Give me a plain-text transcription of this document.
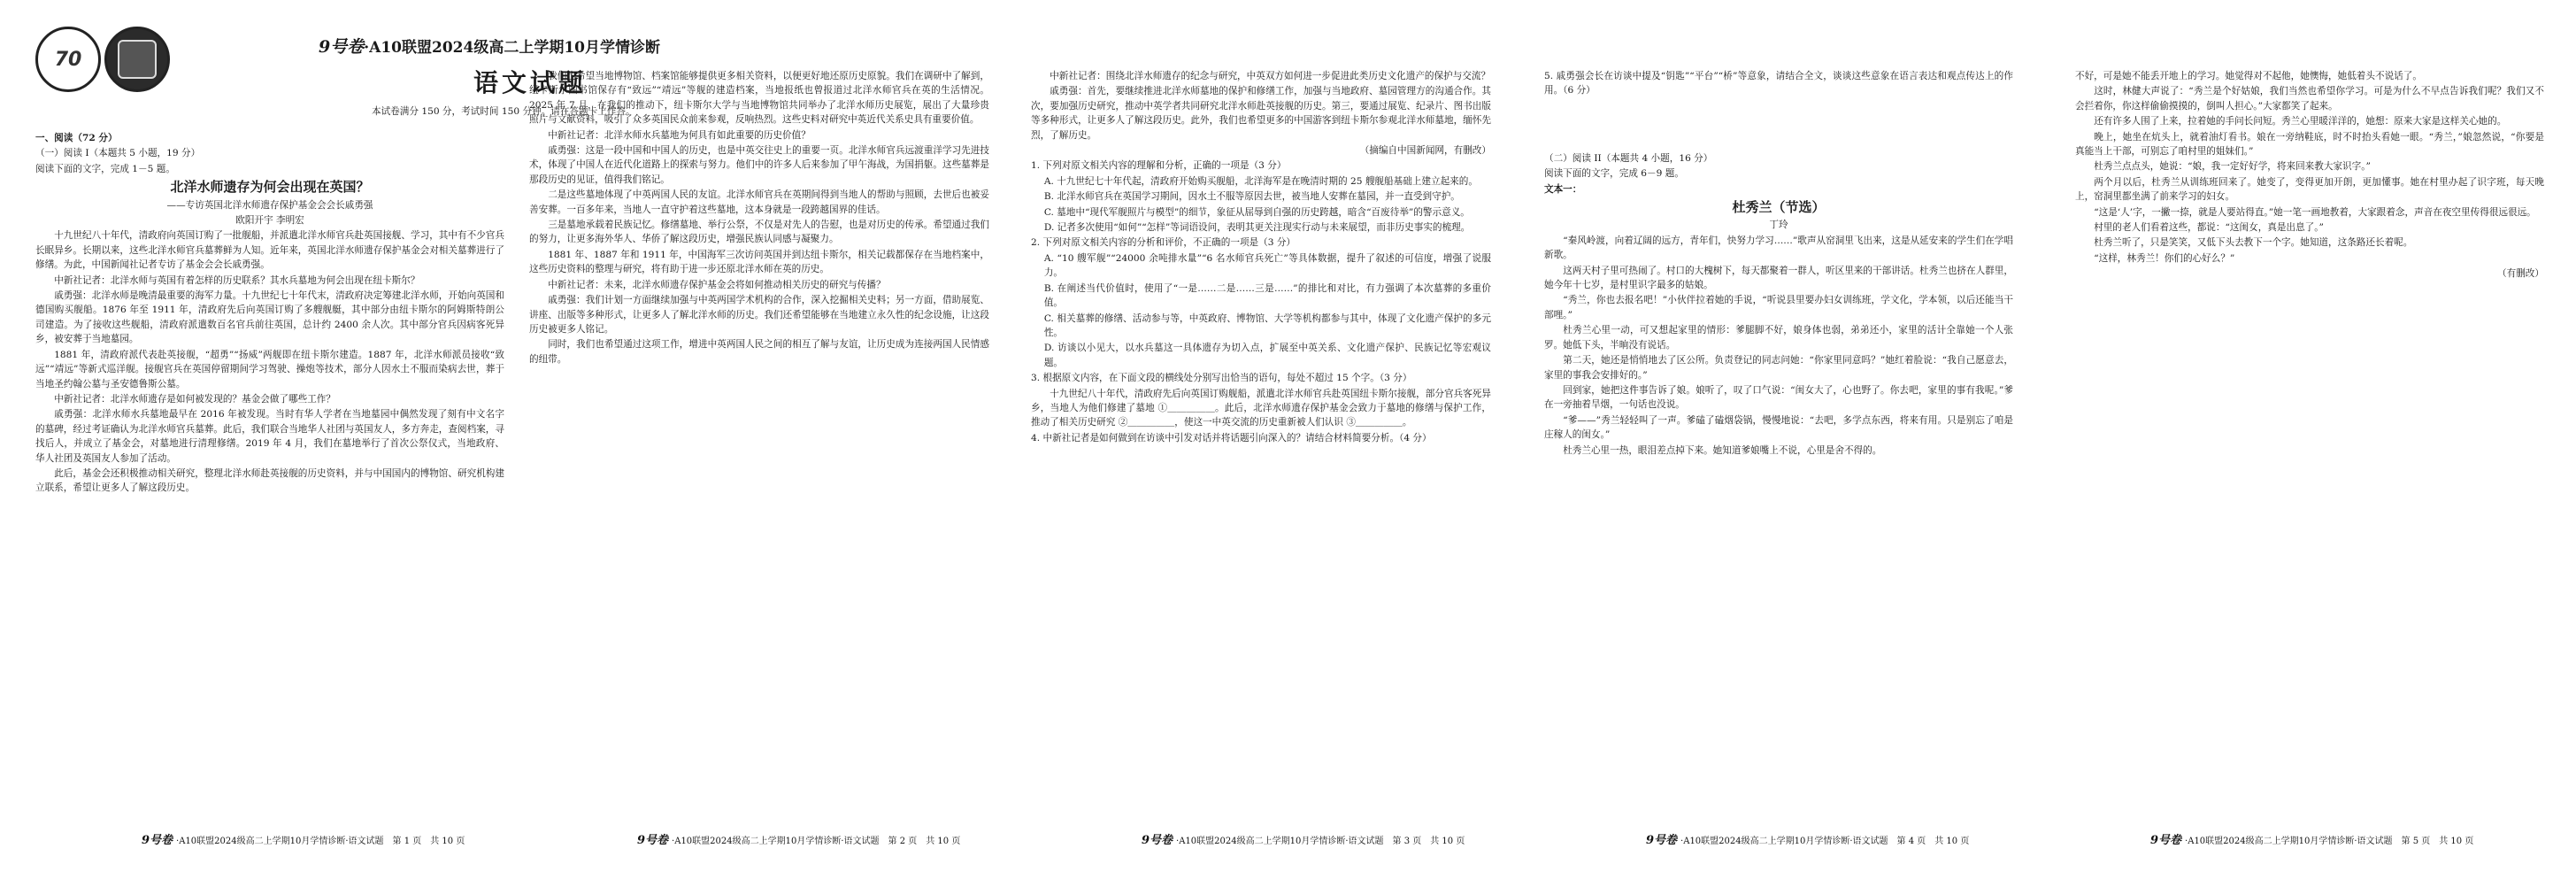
70
9号卷·A10联盟2024级高二上学期10月学情诊断
语文试题
本试卷满分 150 分，考试时间 150 分钟。请在答题卡上作答。

一、阅读（72 分）

（一）阅读 I（本题共 5 小题，19 分）

阅读下面的文字，完成 1－5 题。

北洋水师遗存为何会出现在英国？

——专访英国北洋水师遗存保护基金会会长戚勇强

欧阳开宇 李明宏

十九世纪八十年代，清政府向英国订购了一批舰船，并派遣北洋水师官兵赴英国接舰、学习，其中有不少官兵长眠异乡。长期以来，这些北洋水师官兵墓葬鲜为人知。近年来，英国北洋水师遗存保护基金会对相关墓葬进行了修缮。为此，中国新闻社记者专访了基金会会长戚勇强。

中新社记者：北洋水师与英国有着怎样的历史联系？其水兵墓地为何会出现在纽卡斯尔？

戚勇强：北洋水师是晚清最重要的海军力量。十九世纪七十年代末，清政府决定筹建北洋水师，开始向英国和德国购买舰船。1876 年至 1911 年，清政府先后向英国订购了多艘舰艇，其中部分由纽卡斯尔的阿姆斯特朗公司建造。为了接收这些舰船，清政府派遣数百名官兵前往英国，总计约 2400 余人次。其中部分官兵因病客死异乡，被安葬于当地墓园。

1881 年，清政府派代表赴英接舰，“超勇”“扬威”两舰即在纽卡斯尔建造。1887 年，北洋水师派员接收“致远”“靖远”等新式巡洋舰。接舰官兵在英国停留期间学习驾驶、操炮等技术，部分人因水土不服而染病去世，葬于当地圣约翰公墓与圣安德鲁斯公墓。

中新社记者：北洋水师遗存是如何被发现的？基金会做了哪些工作？

戚勇强：北洋水师水兵墓地最早在 2016 年被发现。当时有华人学者在当地墓园中偶然发现了刻有中文名字的墓碑，经过考证确认为北洋水师官兵墓葬。此后，我们联合当地华人社团与英国友人，多方奔走，查阅档案，寻找后人，并成立了基金会，对墓地进行清理修缮。2019 年 4 月，我们在墓地举行了首次公祭仪式，当地政府、华人社团及英国友人参加了活动。

此后，基金会还积极推动相关研究，整理北洋水师赴英接舰的历史资料，并与中国国内的博物馆、研究机构建立联系，希望让更多人了解这段历史。

我们也希望当地博物馆、档案馆能够提供更多相关资料，以便更好地还原历史原貌。我们在调研中了解到，纽卡斯尔图书馆保存有“致远”“靖远”等舰的建造档案，当地报纸也曾报道过北洋水师官兵在英的生活情况。2025 年 7 月，在我们的推动下，纽卡斯尔大学与当地博物馆共同举办了北洋水师历史展览，展出了大量珍贵照片与文献资料，吸引了众多英国民众前来参观，反响热烈。这些史料对研究中英近代关系史具有重要价值。

中新社记者：北洋水师水兵墓地为何具有如此重要的历史价值？

戚勇强：这是一段中国和中国人的历史，也是中英交往史上的重要一页。北洋水师官兵远渡重洋学习先进技术，体现了中国人在近代化道路上的探索与努力。他们中的许多人后来参加了甲午海战，为国捐躯。这些墓葬是那段历史的见证，值得我们铭记。

二是这些墓地体现了中英两国人民的友谊。北洋水师官兵在英期间得到当地人的帮助与照顾，去世后也被妥善安葬。一百多年来，当地人一直守护着这些墓地，这本身就是一段跨越国界的佳话。

三是墓地承载着民族记忆。修缮墓地、举行公祭，不仅是对先人的告慰，也是对历史的传承。希望通过我们的努力，让更多海外华人、华侨了解这段历史，增强民族认同感与凝聚力。

1881 年、1887 年和 1911 年，中国海军三次访问英国并到达纽卡斯尔，相关记载都保存在当地档案中，这些历史资料的整理与研究，将有助于进一步还原北洋水师在英的历史。

中新社记者：未来，北洋水师遗存保护基金会将如何推动相关历史的研究与传播？

戚勇强：我们计划一方面继续加强与中英两国学术机构的合作，深入挖掘相关史料；另一方面，借助展览、讲座、出版等多种形式，让更多人了解北洋水师的历史。我们还希望能够在当地建立永久性的纪念设施，让这段历史被更多人铭记。

同时，我们也希望通过这项工作，增进中英两国人民之间的相互了解与友谊，让历史成为连接两国人民情感的纽带。

中新社记者：围绕北洋水师遗存的纪念与研究，中英双方如何进一步促进此类历史文化遗产的保护与交流？

戚勇强：首先，要继续推进北洋水师墓地的保护和修缮工作，加强与当地政府、墓园管理方的沟通合作。其次，要加强历史研究，推动中英学者共同研究北洋水师赴英接舰的历史。第三，要通过展览、纪录片、图书出版等多种形式，让更多人了解这段历史。此外，我们也希望更多的中国游客到纽卡斯尔参观北洋水师墓地，缅怀先烈，了解历史。

（摘编自中国新闻网，有删改）

1. 下列对原文相关内容的理解和分析，正确的一项是（3 分）

A. 十九世纪七十年代起，清政府开始购买舰船，北洋海军是在晚清时期的 25 艘舰船基础上建立起来的。

B. 北洋水师官兵在英国学习期间，因水土不服等原因去世，被当地人安葬在墓园，并一直受到守护。

C. 墓地中“现代军舰照片与模型”的细节，象征从屈辱到自强的历史跨越，暗含“百废待举”的警示意义。

D. 记者多次使用“如何”“怎样”等词语设问，表明其更关注现实行动与未来展望，而非历史事实的梳理。

2. 下列对原文相关内容的分析和评价，不正确的一项是（3 分）

A. “10 艘军舰”“24000 余吨排水量”“6 名水师官兵死亡”等具体数据，提升了叙述的可信度，增强了说服力。

B. 在阐述当代价值时，使用了“一是……二是……三是……”的排比和对比，有力强调了本次墓葬的多重价值。

C. 相关墓葬的修缮、活动参与等，中英政府、博物馆、大学等机构都参与其中，体现了文化遗产保护的多元性。

D. 访谈以小见大，以水兵墓这一具体遗存为切入点，扩展至中英关系、文化遗产保护、民族记忆等宏观议题。

3. 根据原文内容，在下面文段的横线处分别写出恰当的语句，每处不超过 15 个字。（3 分）

十九世纪八十年代，清政府先后向英国订购舰船，派遣北洋水师官兵赴英国纽卡斯尔接舰，部分官兵客死异乡，当地人为他们修建了墓地 ①＿＿＿＿＿。此后，北洋水师遗存保护基金会致力于墓地的修缮与保护工作，推动了相关历史研究 ②＿＿＿＿＿，使这一中英交流的历史重新被人们认识 ③＿＿＿＿＿。

4. 中新社记者是如何做到在访谈中引发对话并将话题引向深入的？请结合材料简要分析。（4 分）

5. 戚勇强会长在访谈中提及“钥匙”“平台”“桥”等意象，请结合全文，谈谈这些意象在语言表达和观点传达上的作用。（6 分）

（二）阅读 II（本题共 4 小题，16 分）

阅读下面的文字，完成 6－9 题。

文本一：

杜秀兰（节选）

丁玲

“秦风岭渡，向着辽阔的远方，青年们，快努力学习……”歌声从窑洞里飞出来，这是从延安来的学生们在学唱新歌。

这两天村子里可热闹了。村口的大槐树下，每天都聚着一群人，听区里来的干部讲话。杜秀兰也挤在人群里，她今年十七岁，是村里识字最多的姑娘。

“秀兰，你也去报名吧！”小伙伴拉着她的手说，“听说县里要办妇女训练班，学文化，学本领，以后还能当干部哩。”

杜秀兰心里一动，可又想起家里的情形：爹腿脚不好，娘身体也弱，弟弟还小，家里的活计全靠她一个人张罗。她低下头，半晌没有说话。

第二天，她还是悄悄地去了区公所。负责登记的同志问她：“你家里同意吗？”她红着脸说：“我自己愿意去，家里的事我会安排好的。”

回到家，她把这件事告诉了娘。娘听了，叹了口气说：“闺女大了，心也野了。你去吧，家里的事有我呢。”爹在一旁抽着旱烟，一句话也没说。

“爹——”秀兰轻轻叫了一声。爹磕了磕烟袋锅，慢慢地说：“去吧，多学点东西，将来有用。只是别忘了咱是庄稼人的闺女。”

杜秀兰心里一热，眼泪差点掉下来。她知道爹娘嘴上不说，心里是舍不得的。

不好，可是她不能丢开地上的学习。她觉得对不起他，她懊悔，她低着头不说话了。

这时，林健大声说了：“秀兰是个好姑娘，我们当然也希望你学习。可是为什么不早点告诉我们呢？我们又不会拦着你，你这样偷偷摸摸的，倒叫人担心。”大家都笑了起来。

还有许多人围了上来，拉着她的手问长问短。秀兰心里暖洋洋的，她想：原来大家是这样关心她的。

晚上，她坐在炕头上，就着油灯看书。娘在一旁纳鞋底，时不时抬头看她一眼。“秀兰，”娘忽然说，“你要是真能当上干部，可别忘了咱村里的姐妹们。”

杜秀兰点点头，她说：“娘，我一定好好学，将来回来教大家识字。”

两个月以后，杜秀兰从训练班回来了。她变了，变得更加开朗，更加懂事。她在村里办起了识字班，每天晚上，窑洞里都坐满了前来学习的妇女。

“这是‘人’字，一撇一捺，就是人要站得直。”她一笔一画地教着，大家跟着念，声音在夜空里传得很远很远。

村里的老人们看着这些，都说：“这闺女，真是出息了。”

杜秀兰听了，只是笑笑，又低下头去教下一个字。她知道，这条路还长着呢。

“这样，林秀兰！你们的心好么？”

（有删改）

9号卷 ·A10联盟2024级高二上学期10月学情诊断·语文试题　 第 1 页　共 10 页	9号卷 ·A10联盟2024级高二上学期10月学情诊断·语文试题　 第 2 页　共 10 页	9号卷 ·A10联盟2024级高二上学期10月学情诊断·语文试题　 第 3 页　共 10 页	9号卷 ·A10联盟2024级高二上学期10月学情诊断·语文试题　 第 4 页　共 10 页	9号卷 ·A10联盟2024级高二上学期10月学情诊断·语文试题　 第 5 页　共 10 页
